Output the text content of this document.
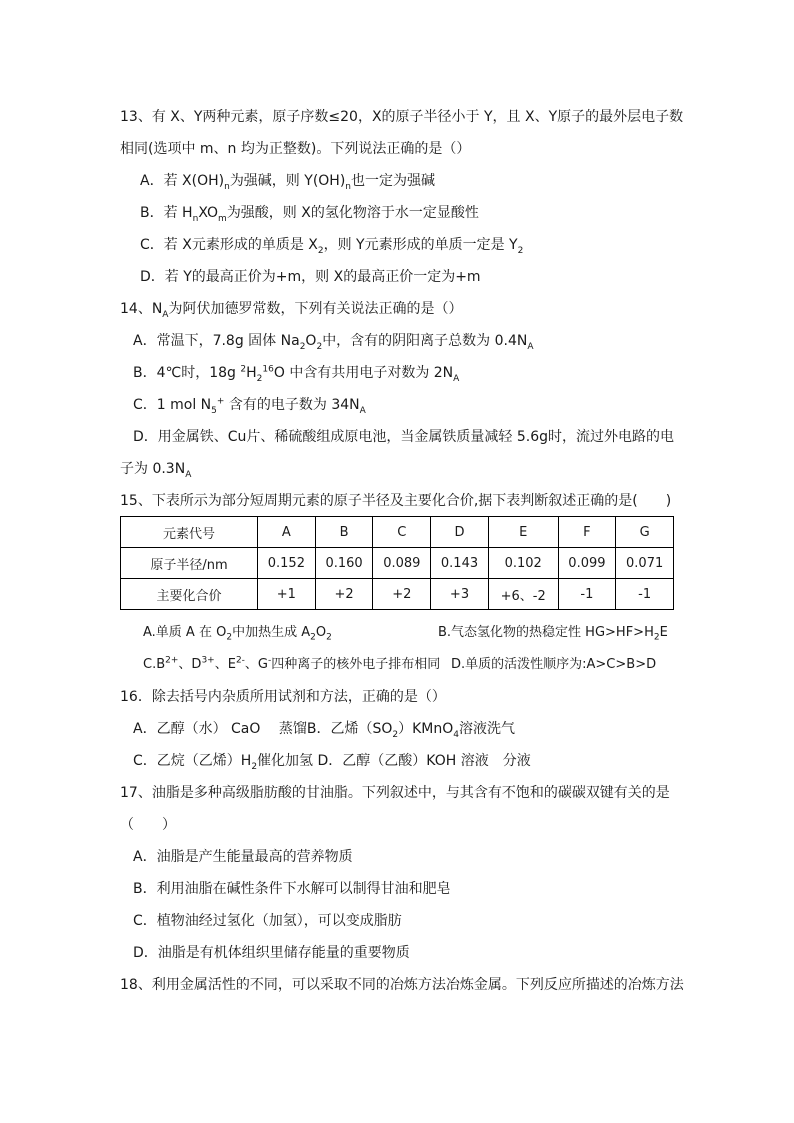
13、有 X、Y两种元素，原子序数≤20，X的原子半径小于 Y，且 X、Y原子的最外层电子数
相同(选项中 m、n 均为正整数)。下列说法正确的是（）
A．若 $X(OH)_n$为强碱，则 $Y(OH)_n$也一定为强碱
B．若 $H_nXO_m$为强酸，则 X的氢化物溶于水一定显酸性
C．若 X元素形成的单质是 $X_2$，则 Y元素形成的单质一定是 $Y_2$
D．若 Y的最高正价为+m，则 X的最高正价一定为+m
14、$N_A$为阿伏加德罗常数，下列有关说法正确的是（）
A．常温下，7.8g 固体 $Na_2O_2$中，含有的阴阳离子总数为 $0.4N_A$
B．4℃时，18g $^2H_2^{16}O$ 中含有共用电子对数为 $2N_A$
C．1 mol $N_5^+$ 含有的电子数为 $34N_A$
D．用金属铁、Cu片、稀硫酸组成原电池，当金属铁质量减轻 5.6g时，流过外电路的电
子为 $0.3N_A$
15、下表所示为部分短周期元素的原子半径及主要化合价,据下表判断叙述正确的是(　　)
元素代号	A	B	C	D	E	F	G
原子半径/nm	0.152	0.160	0.089	0.143	0.102	0.099	0.071
主要化合价	+1	+2	+2	+3	+6、-2	-1	-1
A.单质 A 在 $O_2$中加热生成 $A_2O_2$	B.气态氢化物的热稳定性 $HG>HF>H_2E$
$C.B^{2+}$、$D^{3+}$、$E^{2-}$、G-四种离子的核外电子排布相同 D.单质的活泼性顺序为:A>C>B>D
16．除去括号内杂质所用试剂和方法，正确的是（）
A．乙醇（水） CaO　 蒸馏B．乙烯$(SO_2)KMnO_4$溶液洗气
C．乙烷（乙烯）$H_2$催化加氢 D．乙醇（乙酸）KOH 溶液　分液
17、油脂是多种高级脂肪酸的甘油脂。下列叙述中，与其含有不饱和的碳碳双键有关的是
（　　）
A．油脂是产生能量最高的营养物质
B．利用油脂在碱性条件下水解可以制得甘油和肥皂
C．植物油经过氢化（加氢），可以变成脂肪
D．油脂是有机体组织里储存能量的重要物质
18、利用金属活性的不同，可以采取不同的冶炼方法冶炼金属。下列反应所描述的冶炼方法
